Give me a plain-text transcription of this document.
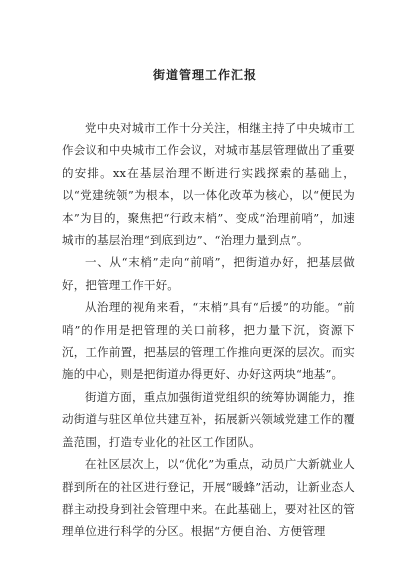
街道管理工作汇报

党中央对城市工作十分关注，相继主持了中央城市工作会议和中央城市工作会议，对城市基层管理做出了重要的安排。xx在基层治理不断进行实践探索的基础上，以“党建统领”为根本，以一体化改革为核心，以“便民为本”为目的，聚焦把“行政末梢”、变成“治理前哨”，加速城市的基层治理“到底到边”、“治理力量到点”。

一、从“末梢”走向“前哨”，把街道办好，把基层做好，把管理工作干好。

从治理的视角来看，“末梢”具有“后援”的功能。“前哨”的作用是把管理的关口前移，把力量下沉，资源下沉，工作前置，把基层的管理工作推向更深的层次。而实施的中心，则是把街道办得更好、办好这两块“地基”。

街道方面，重点加强街道党组织的统筹协调能力，推动街道与驻区单位共建互补，拓展新兴领域党建工作的覆盖范围，打造专业化的社区工作团队。

在社区层次上，以“优化”为重点，动员广大新就业人群到所在的社区进行登记，开展“暖蜂”活动，让新业态人群主动投身到社会管理中来。在此基础上，要对社区的管理单位进行科学的分区。根据“方便自治、方便管理
